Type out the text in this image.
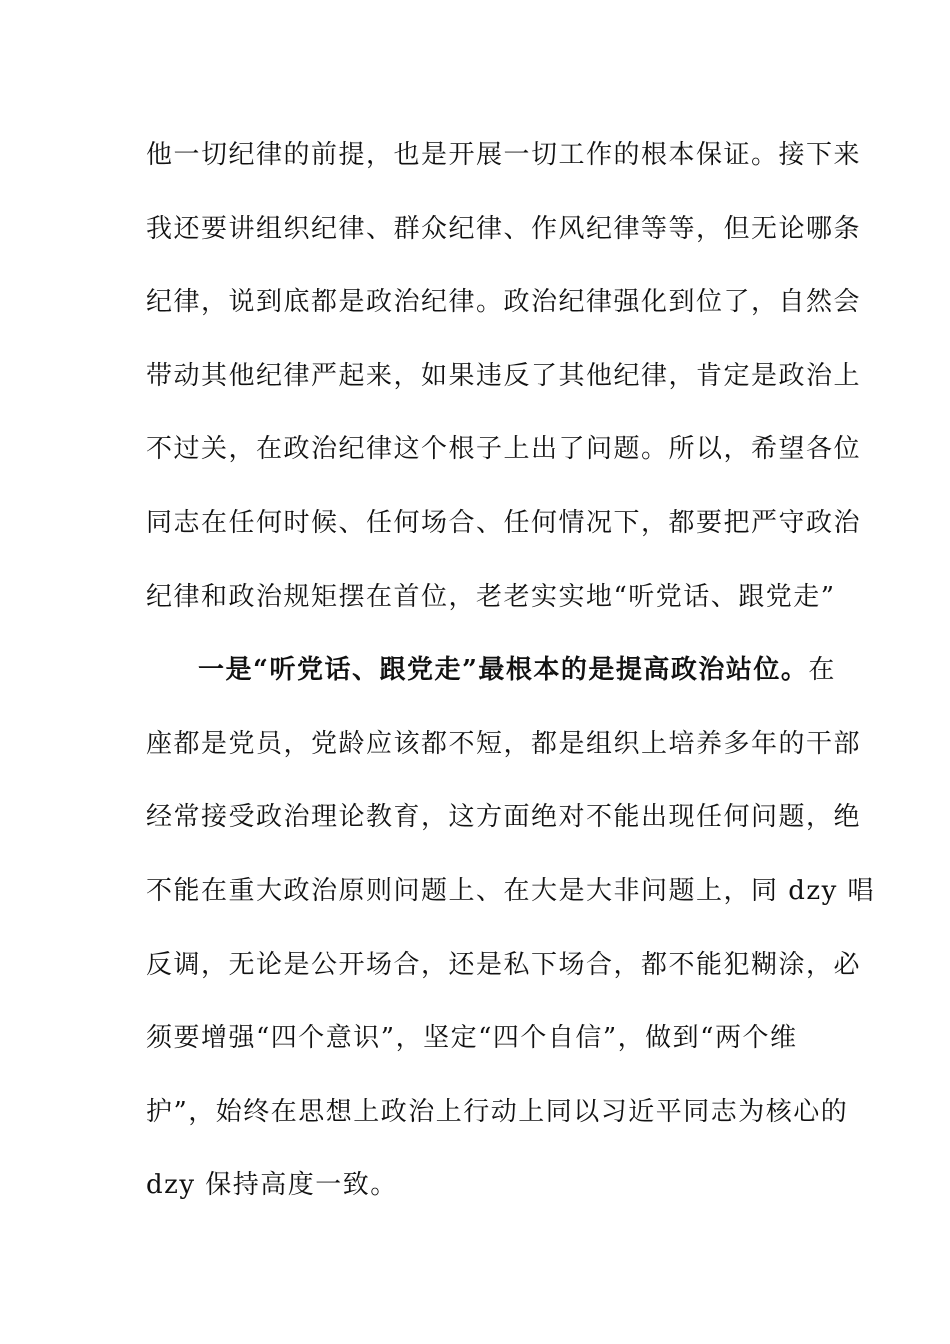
他一切纪律的前提，也是开展一切工作的根本保证。接下来
我还要讲组织纪律、群众纪律、作风纪律等等，但无论哪条
纪律，说到底都是政治纪律。政治纪律强化到位了，自然会
带动其他纪律严起来，如果违反了其他纪律，肯定是政治上
不过关，在政治纪律这个根子上出了问题。所以，希望各位
同志在任何时候、任何场合、任何情况下，都要把严守政治
纪律和政治规矩摆在首位，老老实实地“听党话、跟党走”
一是“听党话、跟党走”最根本的是提高政治站位。在
座都是党员，党龄应该都不短，都是组织上培养多年的干部
经常接受政治理论教育，这方面绝对不能出现任何问题，绝
不能在重大政治原则问题上、在大是大非问题上，同 dzy 唱
反调，无论是公开场合，还是私下场合，都不能犯糊涂，必
须要增强“四个意识”，坚定“四个自信”，做到“两个维
护”，始终在思想上政治上行动上同以习近平同志为核心的
dzy 保持高度一致。
